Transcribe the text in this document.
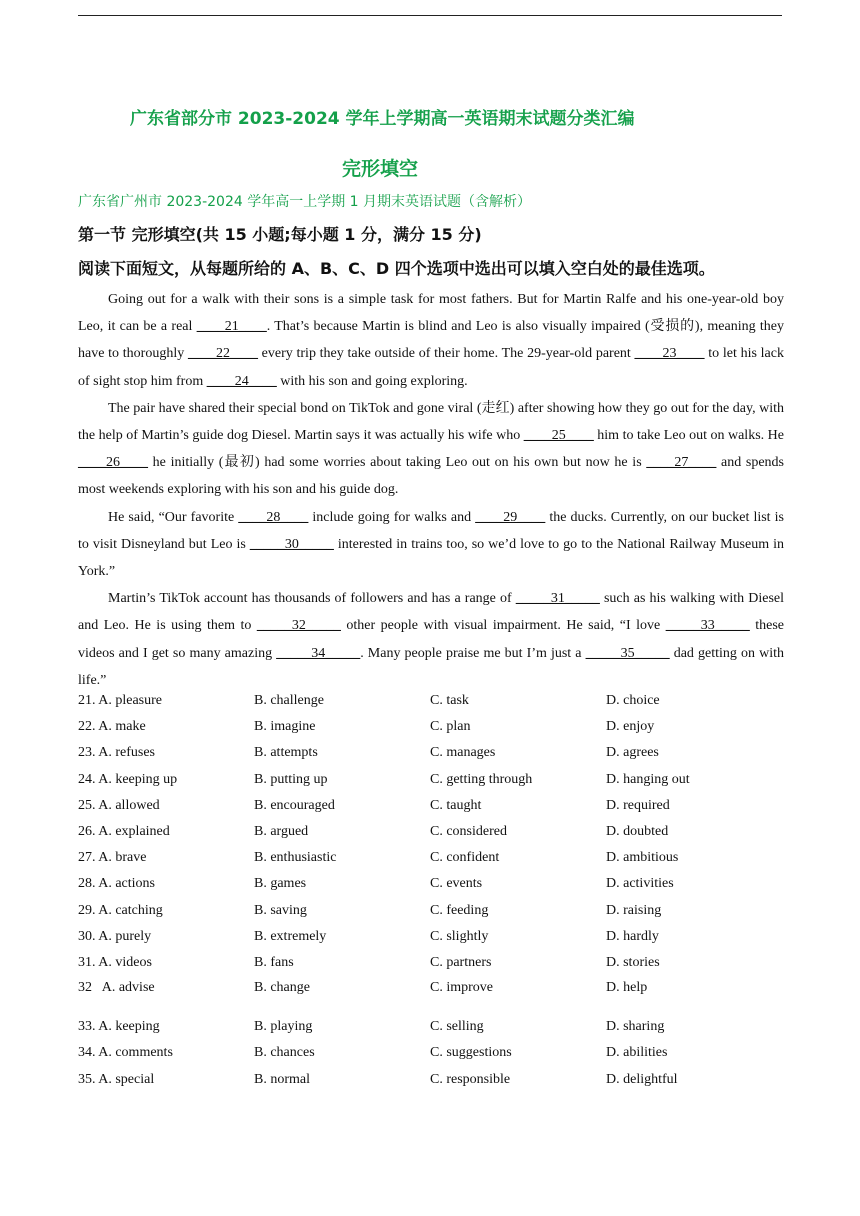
广东省部分市 2023-2024 学年上学期高一英语期末试题分类汇编
完形填空
广东省广州市 2023-2024 学年高一上学期 1 月期末英语试题（含解析）
第一节 完形填空(共 15 小题;每小题 1 分，满分 15 分)
阅读下面短文，从每题所给的 A、B、C、D 四个选项中选出可以填入空白处的最佳选项。

Going out for a walk with their sons is a simple task for most fathers. But for Martin Ralfe and his one-year-old boy Leo, it can be a real ____21____. That’s because Martin is blind and Leo is also visually impaired (受损的), meaning they have to thoroughly ____22____ every trip they take outside of their home. The 29-year-old parent ____23____ to let his lack of sight stop him from ____24____ with his son and going exploring.

The pair have shared their special bond on TikTok and gone viral (走红) after showing how they go out for the day, with the help of Martin’s guide dog Diesel. Martin says it was actually his wife who ____25____ him to take Leo out on walks. He ____26____ he initially (最初) had some worries about taking Leo out on his own but now he is ____27____ and spends most weekends exploring with his son and his guide dog.

He said, “Our favorite ____28____ include going for walks and ____29____ the ducks. Currently, on our bucket list is to visit Disneyland but Leo is _____30_____ interested in trains too, so we’d love to go to the National Railway Museum in York.”

Martin’s TikTok account has thousands of followers and has a range of _____31_____ such as his walking with Diesel and Leo. He is using them to _____32_____ other people with visual impairment. He said, “I love _____33_____ these videos and I get so many amazing _____34_____. Many people praise me but I’m just a _____35_____ dad getting on with life.”

21. A. pleasure	B. challenge	C. task	D. choice
22. A. make	B. imagine	C. plan	D. enjoy
23. A. refuses	B. attempts	C. manages	D. agrees
24. A. keeping up	B. putting up	C. getting through	D. hanging out
25. A. allowed	B. encouraged	C. taught	D. required
26. A. explained	B. argued	C. considered	D. doubted
27. A. brave	B. enthusiastic	C. confident	D. ambitious
28. A. actions	B. games	C. events	D. activities
29. A. catching	B. saving	C. feeding	D. raising
30. A. purely	B. extremely	C. slightly	D. hardly
31. A. videos	B. fans	C. partners	D. stories
32   A. advise	B. change	C. improve	D. help
33. A. keeping	B. playing	C. selling	D. sharing
34. A. comments	B. chances	C. suggestions	D. abilities
35. A. special	B. normal	C. responsible	D. delightful
